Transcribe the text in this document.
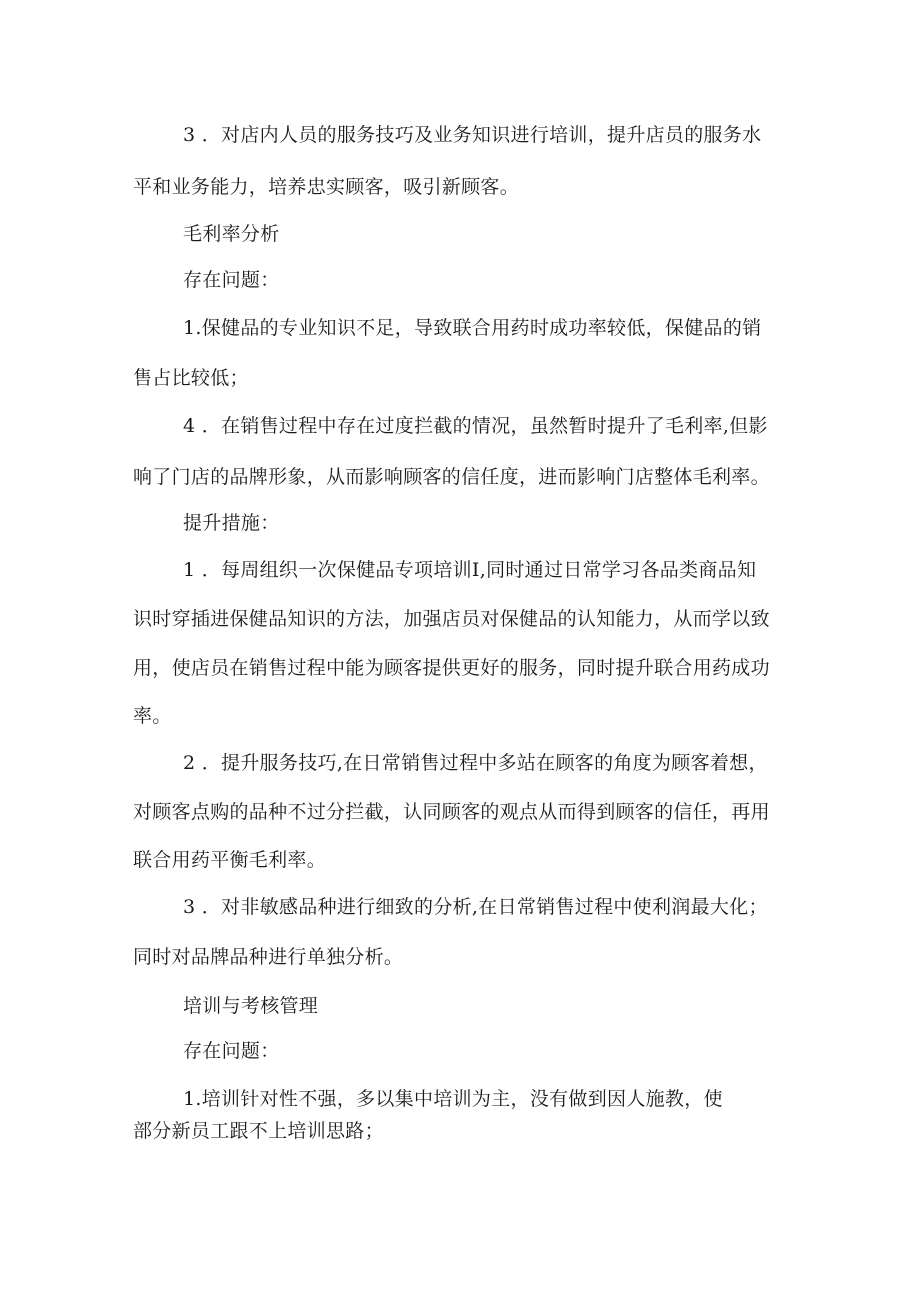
3 ．对店内人员的服务技巧及业务知识进行培训，提升店员的服务水
平和业务能力，培养忠实顾客，吸引新顾客。
毛利率分析
存在问题：
1.保健品的专业知识不足，导致联合用药时成功率较低，保健品的销
售占比较低；
4 ．在销售过程中存在过度拦截的情况，虽然暂时提升了毛利率,但影
响了门店的品牌形象，从而影响顾客的信任度，进而影响门店整体毛利率。
提升措施：
1 ．每周组织一次保健品专项培训I,同时通过日常学习各品类商品知
识时穿插进保健品知识的方法，加强店员对保健品的认知能力，从而学以致
用，使店员在销售过程中能为顾客提供更好的服务，同时提升联合用药成功
率。
2 ．提升服务技巧,在日常销售过程中多站在顾客的角度为顾客着想，
对顾客点购的品种不过分拦截，认同顾客的观点从而得到顾客的信任，再用
联合用药平衡毛利率。
3 ．对非敏感品种进行细致的分析,在日常销售过程中使利润最大化；
同时对品牌品种进行单独分析。
培训与考核管理
存在问题：
1.培训针对性不强，多以集中培训为主，没有做到因人施教，使
部分新员工跟不上培训思路；
